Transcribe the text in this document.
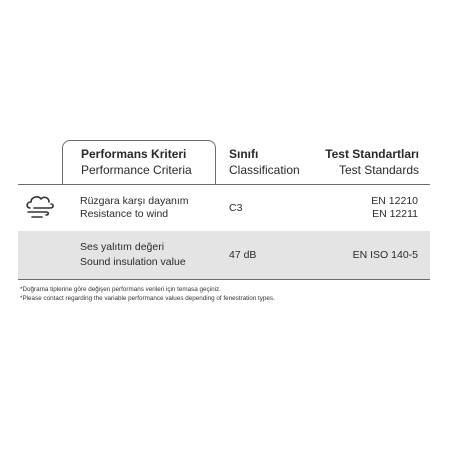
Performans Kriteri
Performance Criteria
Sınıfı
Classification
Test Standartları
Test Standards
Rüzgara karşı dayanım
Resistance to wind	C3
EN 12210
EN 12211
Ses yalıtım değeri
Sound insulation value
47 dB	EN ISO 140-5
*Doğrama tiplerine göre değişen performans verileri için temasa geçiniz.
*Please contact regarding the variable performance values depending of fenestration types.
